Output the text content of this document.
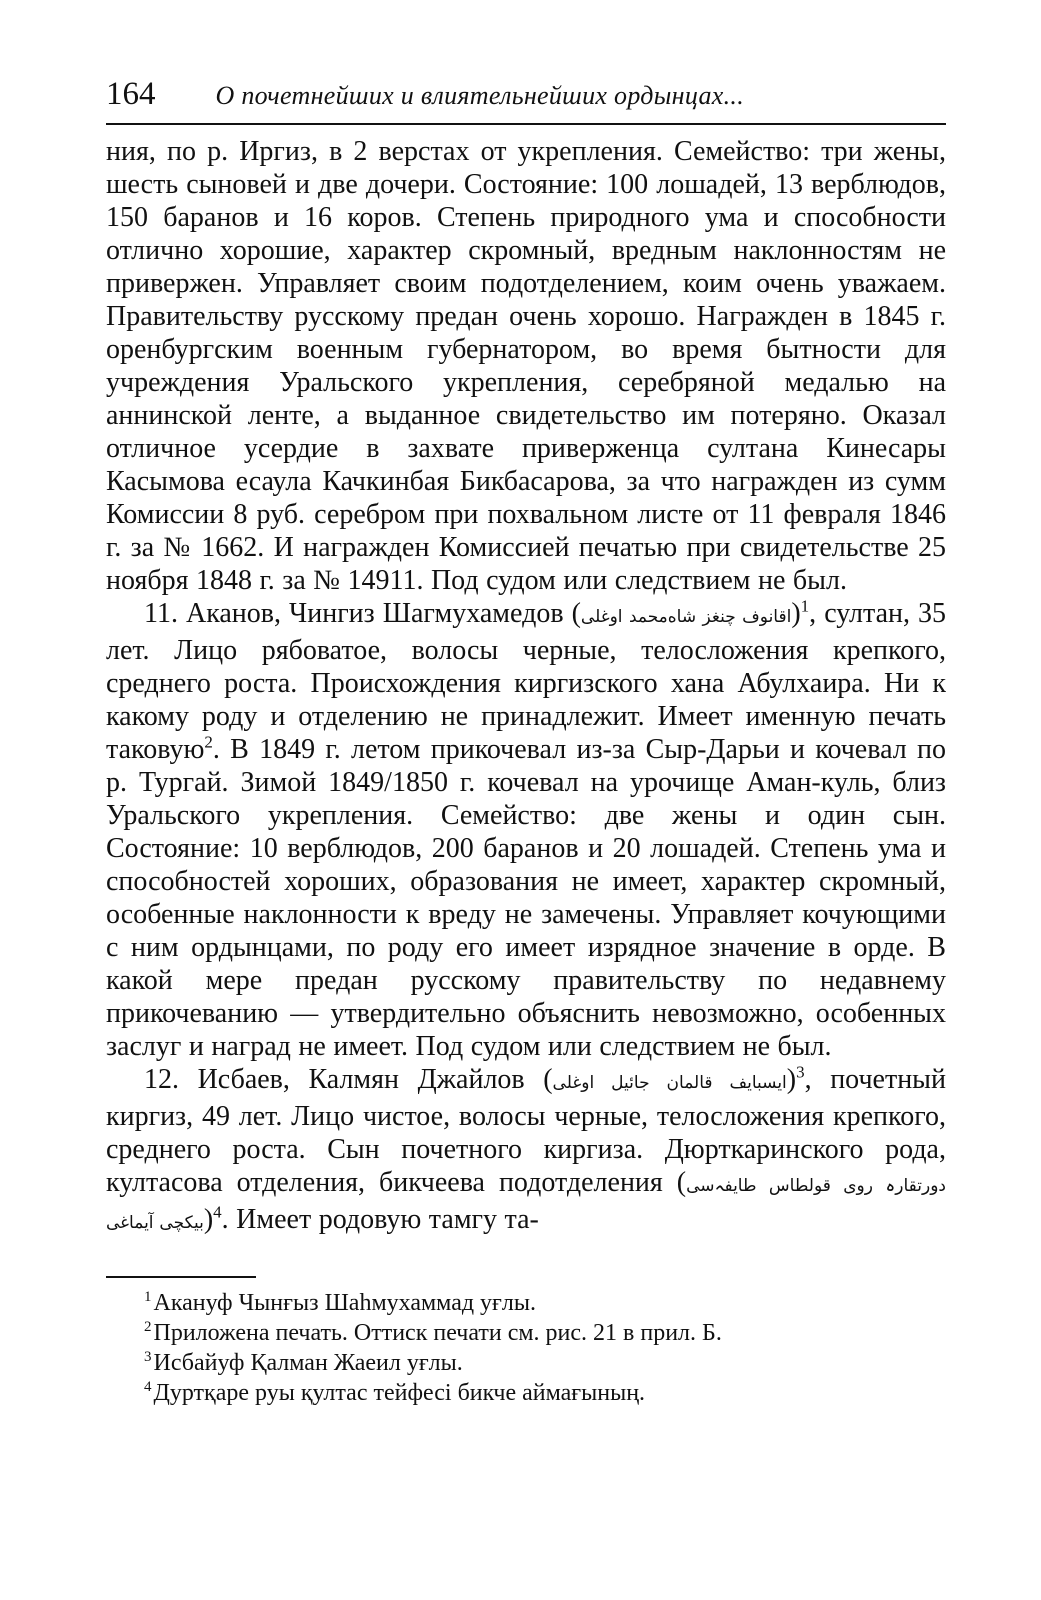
164 О почетнейших и влиятельнейших ордынцах...

ния, по р. Иргиз, в 2 верстах от укрепления. Семейство: три жены, шесть сыновей и две дочери. Состояние: 100 лошадей, 13 верблюдов, 150 баранов и 16 коров. Степень природного ума и способности отлично хорошие, характер скромный, вредным наклонностям не привержен. Управляет своим подотделением, коим очень уважаем. Правительству русскому предан очень хорошо. Награжден в 1845 г. оренбургским военным губернатором, во время бытности для учреждения Уральского укрепления, серебряной медалью на аннинской ленте, а выданное свидетельство им потеряно. Оказал отличное усердие в захвате приверженца султана Кинесары Касымова есаула Качкинбая Бикбасарова, за что награжден из сумм Комиссии 8 руб. серебром при похвальном листе от 11 февраля 1846 г. за № 1662. И награжден Комиссией печатью при свидетельстве 25 ноября 1848 г. за № 14911. Под судом или следствием не был.

11. Аканов, Чингиз Шагмухамедов (اقانوف چنغز شاه‌محمد اوغلی)$^1$, султан, 35 лет. Лицо рябоватое, волосы черные, телосложения крепкого, среднего роста. Происхождения киргизского хана Абулхаира. Ни к какому роду и отделению не принадлежит. Имеет именную печать таковую$^2$. В 1849 г. летом прикочевал из-за Сыр-Дарьи и кочевал по р. Тургай. Зимой 1849/1850 г. кочевал на урочище Аман-куль, близ Уральского укрепления. Семейство: две жены и один сын. Состояние: 10 верблюдов, 200 баранов и 20 лошадей. Степень ума и способностей хороших, образования не имеет, характер скромный, особенные наклонности к вреду не замечены. Управляет кочующими с ним ордынцами, по роду его имеет изрядное значение в орде. В какой мере предан русскому правительству по недавнему прикочеванию — утвердительно объяснить невозможно, особенных заслуг и наград не имеет. Под судом или следствием не был.

12. Исбаев, Калмян Джайлов (ایسبایف قالمان جائیل اوغلی)$^3$, почетный киргиз, 49 лет. Лицо чистое, волосы черные, телосложения крепкого, среднего роста. Сын почетного киргиза. Дюрткаринского рода, култасова отделения, бикчеева подотделения (دورتقارہ روی قولطاس طایفہ‌سی بیکچی آیماغی)$^4$. Имеет родовую тамгу та-

$^1$Акануф Чынғыз Шаһмухаммад уғлы.
$^2$Приложена печать. Оттиск печати см. рис. 21 в прил. Б.
$^3$Исбайуф Қалман Жаеил уғлы.
$^4$Дуртқаре руы қултас тейфесі бикче аймағының.
